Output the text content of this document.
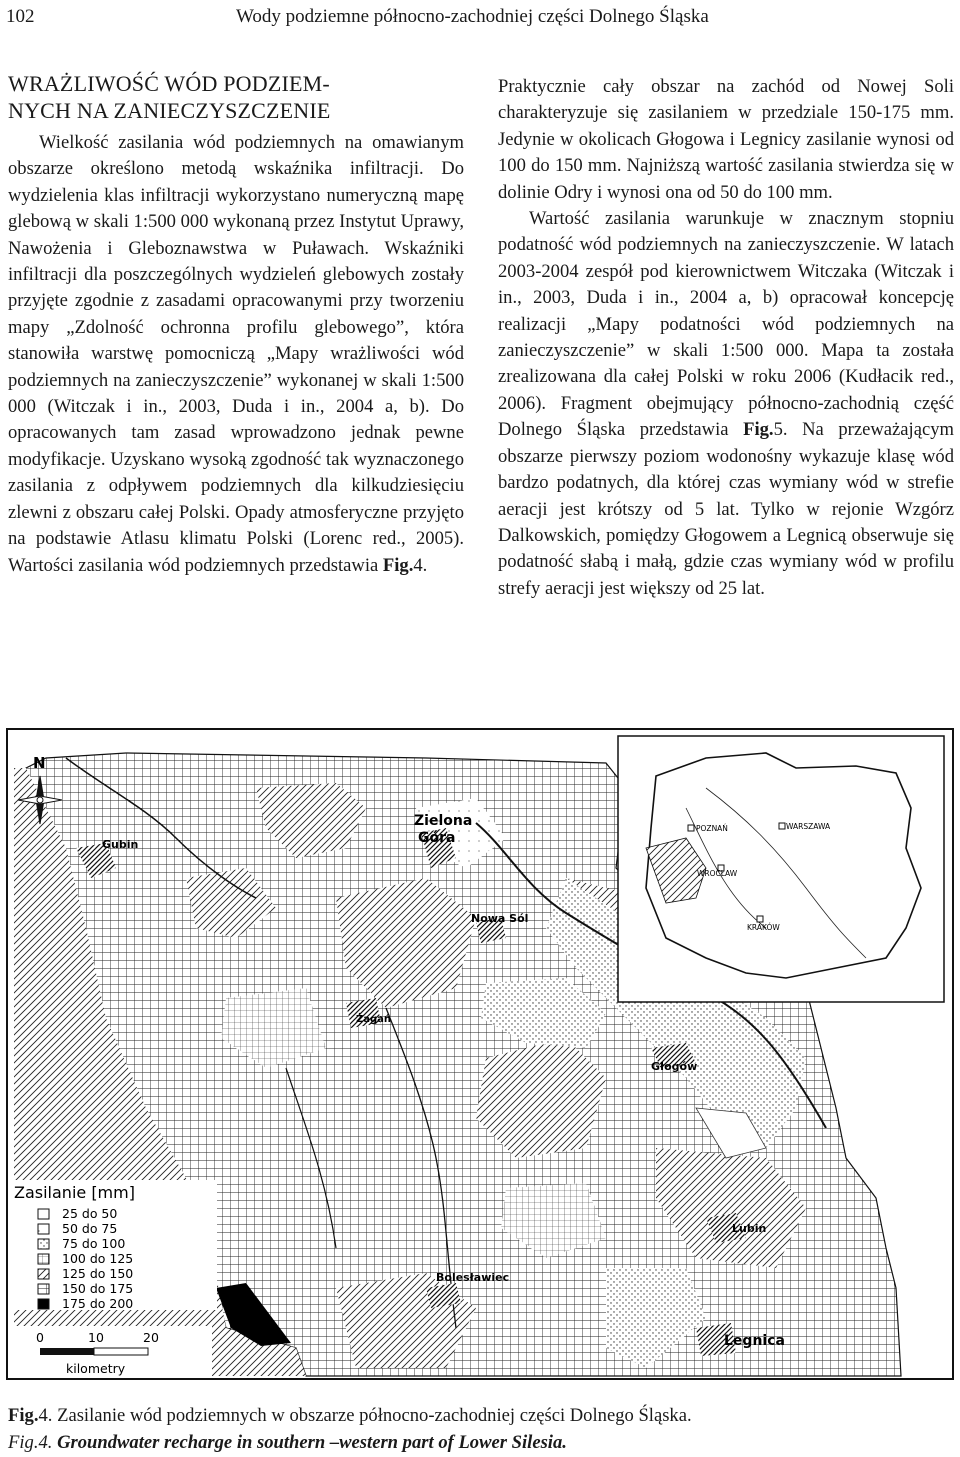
102	Wody podziemne północno-zachodniej części Dolnego Śląska
WRAŻLIWOŚĆ WÓD PODZIEM-
NYCH NA ZANIECZYSZCZENIE

Wielkość zasilania wód podziemnych na omawianym obszarze określono metodą wskaźnika infiltracji. Do wydzielenia klas infiltracji wykorzystano numeryczną mapę glebową w skali 1:500 000 wykonaną przez Instytut Uprawy, Nawożenia i Gleboznawstwa w Puławach. Wskaźniki infiltracji dla poszczególnych wydzieleń glebowych zostały przyjęte zgodnie z zasadami opracowanymi przy tworzeniu mapy „Zdolność ochronna profilu glebowego”, która stanowiła warstwę pomocniczą „Mapy wrażliwości wód podziemnych na zanieczyszczenie” wykonanej w skali 1:500 000 (Witczak i in., 2003, Duda i in., 2004 a, b). Do opracowanych tam zasad wprowadzono jednak pewne modyfikacje. Uzyskano wysoką zgodność tak wyznaczonego zasilania z odpływem podziemnych dla kilkudziesięciu zlewni z obszaru całej Polski. Opady atmosferyczne przyjęto na podstawie Atlasu klimatu Polski (Lorenc red., 2005). Wartości zasilania wód podziemnych przedstawia Fig.4.

Praktycznie cały obszar na zachód od Nowej Soli charakteryzuje się zasilaniem w przedziale 150-175 mm. Jedynie w okolicach Głogowa i Legnicy zasilanie wynosi od 100 do 150 mm. Najniższą wartość zasilania stwierdza się w dolinie Odry i wynosi ona od 50 do 100 mm.

Wartość zasilania warunkuje w znacznym stopniu podatność wód podziemnych na zanieczyszczenie. W latach 2003-2004 zespół pod kierownictwem Witczaka (Witczak i in., 2003, Duda i in., 2004 a, b) opracował koncepcję realizacji „Mapy podatności wód podziemnych na zanieczyszczenie” w skali 1:500 000. Mapa ta została zrealizowana dla całej Polski w roku 2006 (Kudłacik red., 2006). Fragment obejmujący północno-zachodnią część Dolnego Śląska przedstawia Fig.5. Na przeważającym obszarze pierwszy poziom wodonośny wykazuje klasę wód bardzo podatnych, dla której czas wymiany wód w strefie aeracji jest krótszy od 5 lat. Tylko w rejonie Wzgórz Dalkowskich, pomiędzy Głogowem a Legnicą obserwuje się podatność słabą i małą, gdzie czas wymiany wód w profilu strefy aeracji jest większy od 25 lat.

N
Gubin
Zielona
Góra
Nowa Sól
Głogów
Żagań
Lubin
Bolesławiec
Legnica
POZNAŃ	WARSZAWA
WROCŁAW
KRAKÓW
Zasilanie [mm]
25 do 50
50 do 75
75 do 100
100 do 125
125 do 150
150 do 175
175 do 200
0	10	20
kilometry
Fig.4. Zasilanie wód podziemnych w obszarze północno-zachodniej części Dolnego Śląska.
Fig.4. Groundwater recharge in southern –western part of Lower Silesia.
